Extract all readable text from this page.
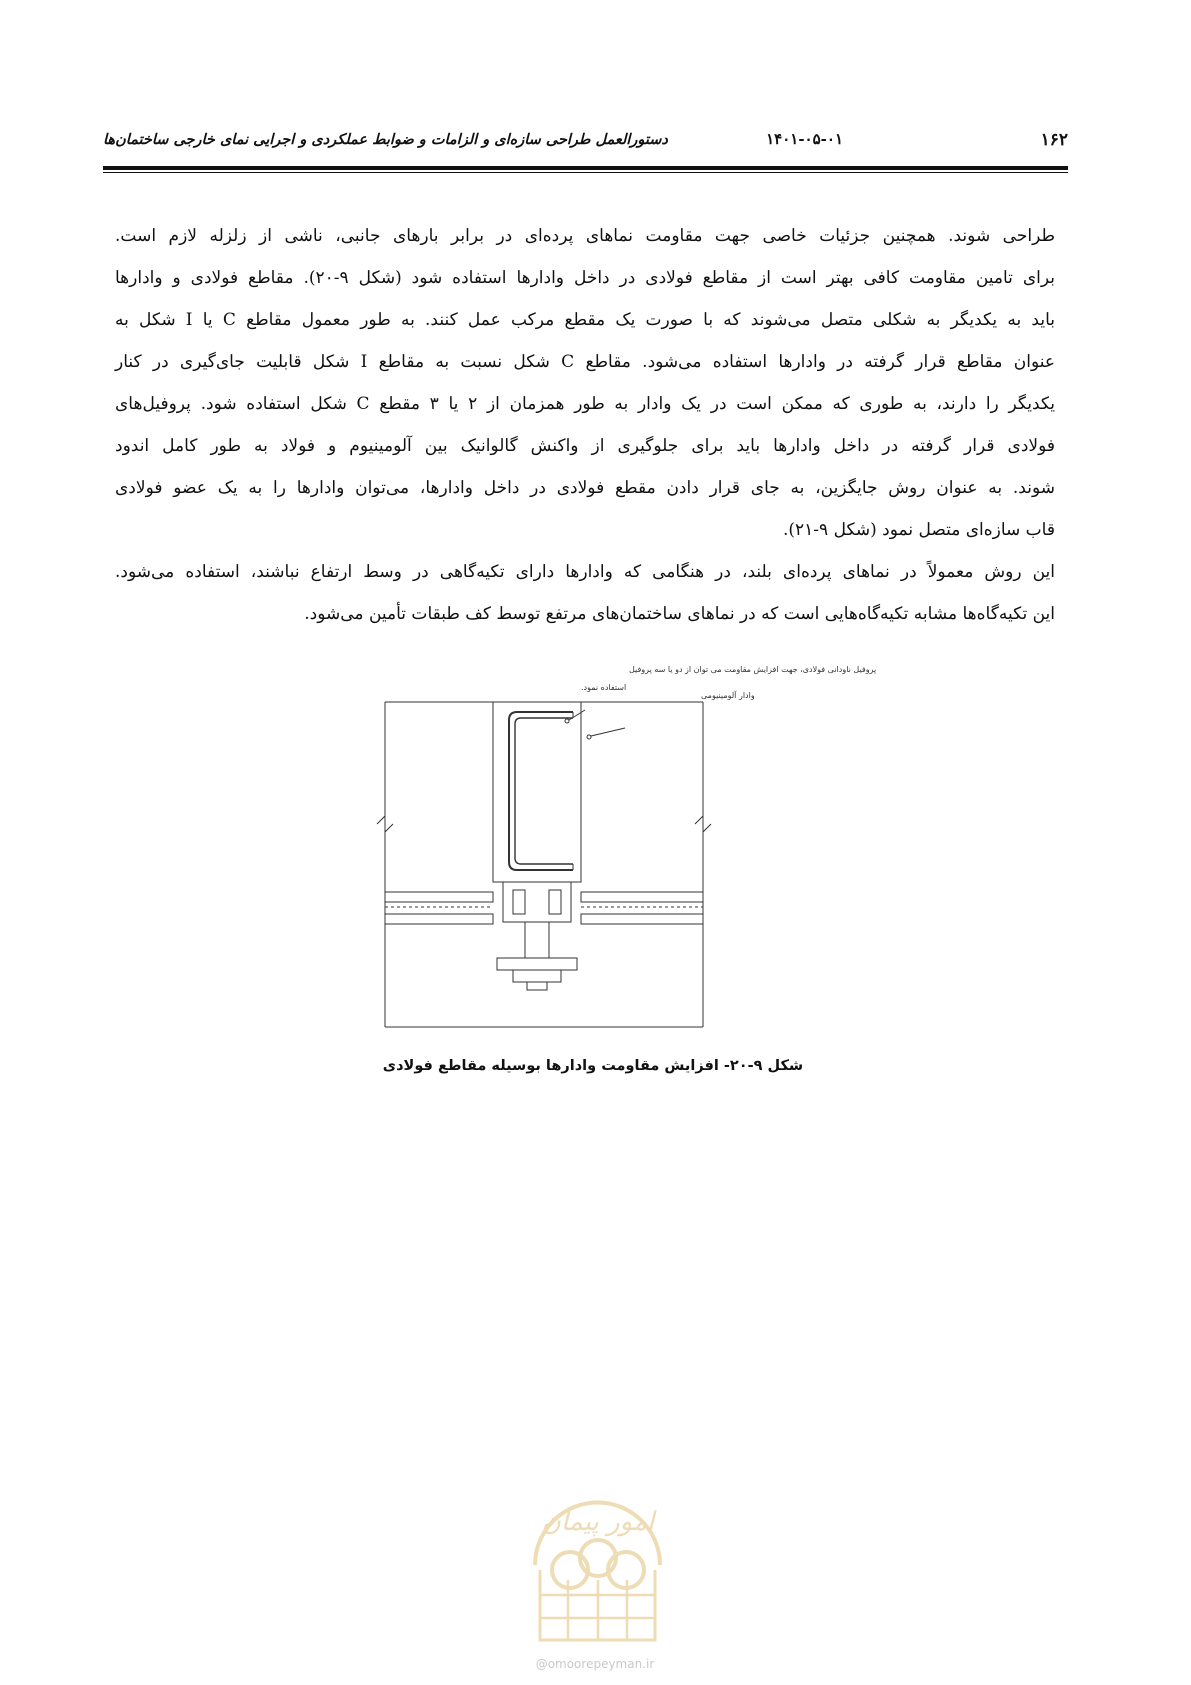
۱۶۲
۱۴۰۱-۰۵-۰۱
دستورالعمل طراحی سازه‌ای و الزامات و ضوابط عملکردی و اجرایی نمای خارجی ساختمان‌ها

طراحی شوند. همچنین جزئیات خاصی جهت مقاومت نماهای پرده‌ای در برابر بارهای جانبی، ناشی از زلزله لازم است.
برای تامین مقاومت کافی بهتر است از مقاطع فولادی در داخل وادارها استفاده شود (شکل ۹-۲۰). مقاطع فولادی و وادارها
باید به یکدیگر به شکلی متصل می‌شوند که با صورت یک مقطع مرکب عمل کنند. به طور معمول مقاطع C یا I شکل به
عنوان مقاطع قرار گرفته در وادارها استفاده می‌شود. مقاطع C شکل نسبت به مقاطع I شکل قابلیت جای‌گیری در کنار
یکدیگر را دارند، به طوری که ممکن است در یک وادار به طور همزمان از ۲ یا ۳ مقطع C شکل استفاده شود. پروفیل‌های
فولادی قرار گرفته در داخل وادارها باید برای جلوگیری از واکنش گالوانیک بین آلومینیوم و فولاد به طور کامل اندود
شوند. به عنوان روش جایگزین، به جای قرار دادن مقطع فولادی در داخل وادارها، می‌توان وادارها را به یک عضو فولادی
قاب سازه‌ای متصل نمود (شکل ۹-۲۱).

این روش معمولاً در نماهای پرده‌ای بلند، در هنگامی که وادارها دارای تکیه‌گاهی در وسط ارتفاع نباشند، استفاده می‌شود.
این تکیه‌گاه‌ها مشابه تکیه‌گاه‌هایی است که در نماهای ساختمان‌های مرتفع توسط کف طبقات تأمین می‌شود.

پروفیل ناودانی فولادی، جهت افزایش مقاومت می توان از دو یا سه پروفیل
استفاده نمود.
وادار آلومینیومی
شکل ۹-۲۰- افزایش مقاومت وادارها بوسیله مقاطع فولادی
امور پیمان
@omoorepeyman.ir
